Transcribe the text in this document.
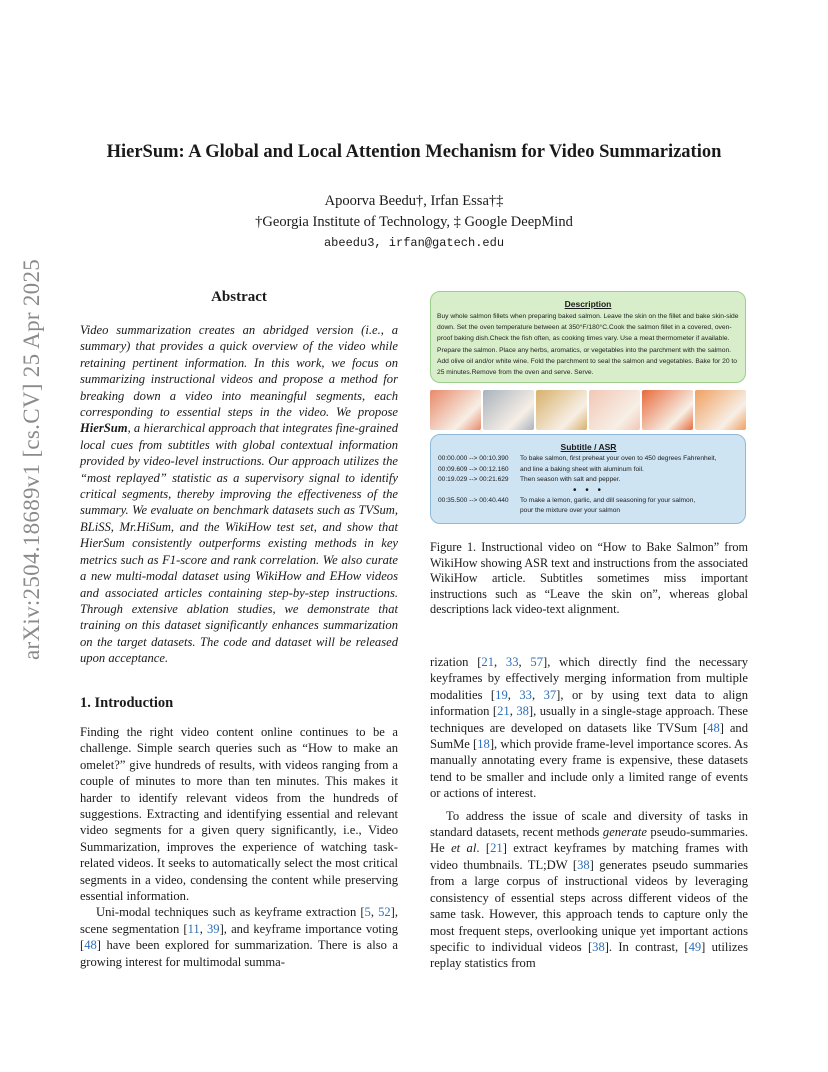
arXiv:2504.18689v1 [cs.CV] 25 Apr 2025
HierSum: A Global and Local Attention Mechanism for Video Summarization
Apoorva Beedu†, Irfan Essa†‡
†Georgia Institute of Technology, ‡ Google DeepMind
abeedu3, irfan@gatech.edu
Abstract
Video summarization creates an abridged version (i.e., a summary) that provides a quick overview of the video while retaining pertinent information. In this work, we focus on summarizing instructional videos and propose a method for breaking down a video into meaningful segments, each corresponding to essential steps in the video. We propose HierSum, a hierarchical approach that integrates fine-grained local cues from subtitles with global contextual information provided by video-level instructions. Our approach utilizes the “most replayed” statistic as a supervisory signal to identify critical segments, thereby improving the effectiveness of the summary. We evaluate on benchmark datasets such as TVSum, BLiSS, Mr.HiSum, and the WikiHow test set, and show that HierSum consistently outperforms existing methods in key metrics such as F1-score and rank correlation. We also curate a new multi-modal dataset using WikiHow and EHow videos and associated articles containing step-by-step instructions. Through extensive ablation studies, we demonstrate that training on this dataset significantly enhances summarization on the target datasets. The code and dataset will be released upon acceptance.
1. Introduction

Finding the right video content online continues to be a challenge. Simple search queries such as “How to make an omelet?” give hundreds of results, with videos ranging from a couple of minutes to more than ten minutes. This makes it harder to identify relevant videos from the hundreds of suggestions. Extracting and identifying essential and relevant video segments for a given query significantly, i.e., Video Summarization, improves the experience of watching task-related videos. It seeks to automatically select the most critical segments in a video, condensing the content while preserving essential information.

Uni-modal techniques such as keyframe extraction [5, 52], scene segmentation [11, 39], and keyframe importance voting [48] have been explored for summarization. There is also a growing interest for multimodal summa-

Description
Buy whole salmon fillets when preparing baked salmon. Leave the skin on the fillet and bake skin-side down. Set the oven temperature between at 350°F/180°C.Cook the salmon fillet in a covered, oven-proof baking dish.Check the fish often, as cooking times vary. Use a meat thermometer if available. Prepare the salmon. Place any herbs, aromatics, or vegetables into the parchment with the salmon. Add olive oil and/or white wine. Fold the parchment to seal the salmon and vegetables. Bake for 20 to 25 minutes.Remove from the oven and serve. Serve.
Subtitle / ASR
00:00.000 --> 00:10.390	To bake salmon, first preheat your oven to 450 degrees Fahrenheit,
00:09.609 --> 00:12.160	and line a baking sheet with aluminum foil.
00:19.029 --> 00:21.629	Then season with salt and pepper.
• • •
00:35.500 --> 00:40.440	To make a lemon, garlic, and dill seasoning for your salmon,
pour the mixture over your salmon
Figure 1. Instructional video on “How to Bake Salmon” from WikiHow showing ASR text and instructions from the associated WikiHow article. Subtitles sometimes miss important instructions such as “Leave the skin on”, whereas global descriptions lack video-text alignment.

rization [21, 33, 57], which directly find the necessary keyframes by effectively merging information from multiple modalities [19, 33, 37], or by using text data to align information [21, 38], usually in a single-stage approach. These techniques are developed on datasets like TVSum [48] and SumMe [18], which provide frame-level importance scores. As manually annotating every frame is expensive, these datasets tend to be smaller and include only a limited range of events or actions of interest.

To address the issue of scale and diversity of tasks in standard datasets, recent methods generate pseudo-summaries. He et al. [21] extract keyframes by matching frames with video thumbnails. TL;DW [38] generates pseudo summaries from a large corpus of instructional videos by leveraging consistency of essential steps across different videos of the same task. However, this approach tends to capture only the most frequent steps, overlooking unique yet important actions specific to individual videos [38]. In contrast, [49] utilizes replay statistics from
